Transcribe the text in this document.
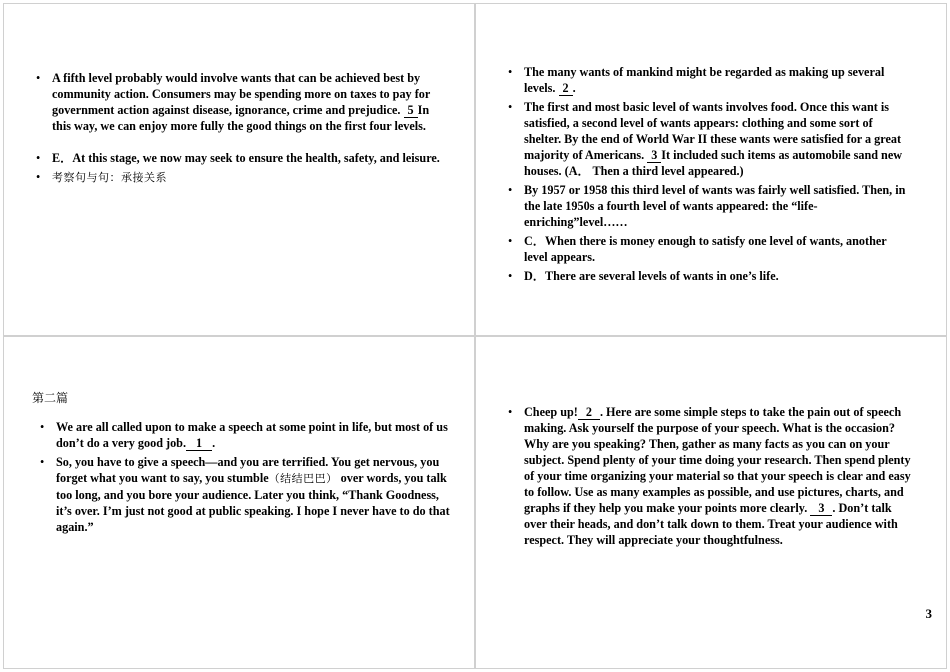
• A fifth level probably would involve wants that can be achieved best by community action. Consumers may be spending more on taxes to pay for government action against disease, ignorance, crime and prejudice. 5 In this way, we can enjoy more fully the good things on the first four levels.
• E．At this stage, we now may seek to ensure the health, safety, and leisure.
• 考察句与句：承接关系
• The many wants of mankind might be regarded as making up several levels. 2 .
• The first and most basic level of wants involves food. Once this want is satisfied, a second level of wants appears: clothing and some sort of shelter. By the end of World War II these wants were satisfied for a great majority of Americans. 3 It included such items as automobile sand new houses. (A． Then a third level appeared.)
• By 1957 or 1958 this third level of wants was fairly well satisfied. Then, in the late 1950s a fourth level of wants appeared: the “life-enriching”level……
• C．When there is money enough to satisfy one level of wants, another level appears.
• D．There are several levels of wants in one’s life.
第二篇
• We are all called upon to make a speech at some point in life, but most of us don’t do a very good job. 1 .
• So, you have to give a speech—and you are terrified. You get nervous, you forget what you want to say, you stumble（结结巴巴） over words, you talk too long, and you bore your audience. Later you think, “Thank Goodness, it’s over. I’m just not good at public speaking. I hope I never have to do that again.”
• Cheep up! 2 . Here are some simple steps to take the pain out of speech making. Ask yourself the purpose of your speech. What is the occasion? Why are you speaking? Then, gather as many facts as you can on your subject. Spend plenty of your time doing your research. Then spend plenty of your time organizing your material so that your speech is clear and easy to follow. Use as many examples as possible, and use pictures, charts, and graphs if they help you make your points more clearly. 3 . Don’t talk over their heads, and don’t talk down to them. Treat your audience with respect. They will appreciate your thoughtfulness.
3
